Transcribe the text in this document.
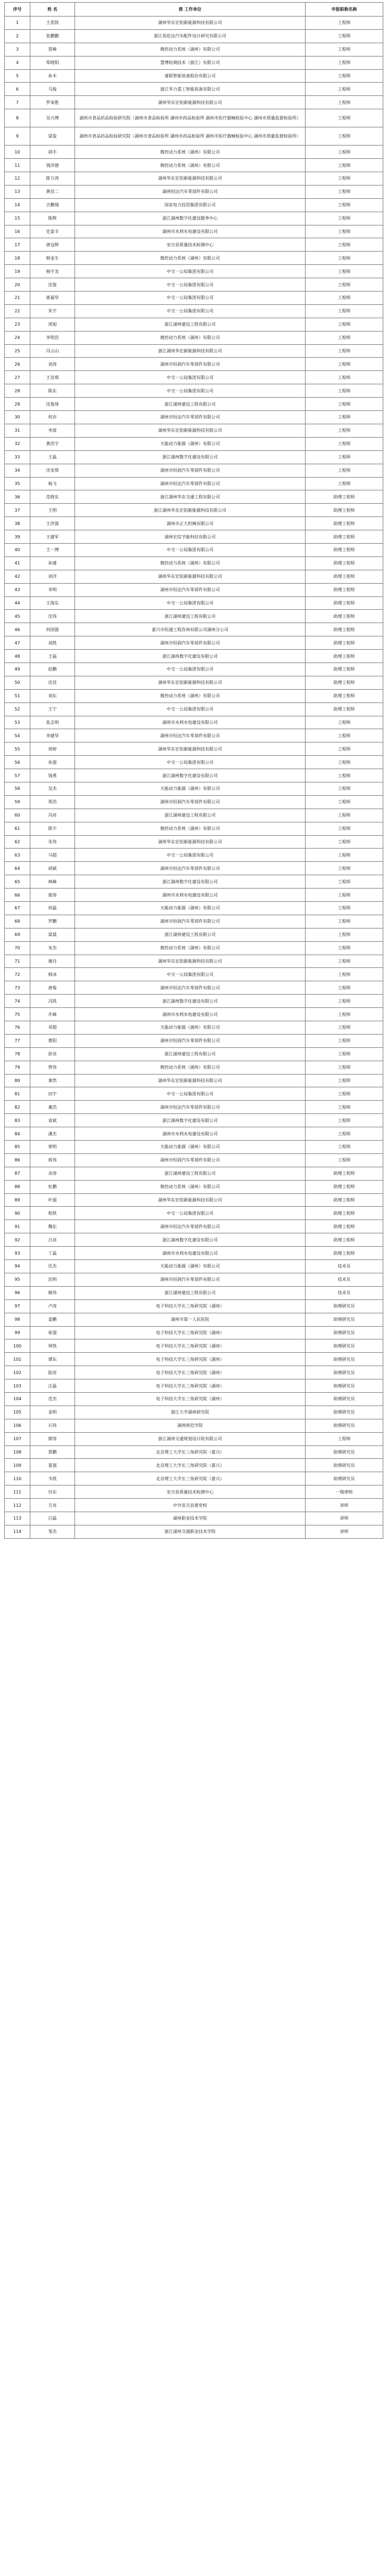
序号	姓 名	推 工作单位	申报职称名称
1	王思凯	湖州华东宏铝新能源科技有限公司	工程师
2	张鹏鹏	浙江英伦达汽车配件设计研究有限公司	工程师
3	贾峰	微控动力系统（湖州）有限公司	工程师
4	郑晓阳	慧博检测技术（浙江）有限公司	工程师
5	孙木	睿联智能装备股份有限公司	工程师
6	马俊	浙江华力重工智能装备有限公司	工程师
7	罗来胜	湖州华东宏铝新能源科技有限公司	工程师
8	吴兴博	湖州市食品药品检验研究院（湖州市食品检验所 湖州市药品检验所 湖州市医疗器械检验中心 湖州市质量监督检验所）	工程师
9	梁盈	湖州市食品药品检验研究院（湖州市食品检验所 湖州市药品检验所 湖州市医疗器械检验中心 湖州市质量监督检验所）	工程师
10	胡丰	微控动力系统（湖州）有限公司	工程师
11	钱洋德	微控动力系统（湖州）有限公司	工程师
12	陈万涛	湖州华东宏铝新能源科技有限公司	工程师
13	黄佳二	湖州恒达汽车零部件有限公司	工程师
14	吉鹏翔	国家电力投资集团有限公司	工程师
15	陈辉	浙江湖州数字化建设服务中心	工程师
16	史姜丰	湖州市水利水电建设有限公司	工程师
17	唐冠辉	安吉县质量技术检测中心	工程师
18	韩金生	微控动力系统（湖州）有限公司	工程师
19	杨宇龙	中交一公局集团有限公司	工程师
20	沈俊	中交一公局集团有限公司	工程师
21	郭福华	中交一公局集团有限公司	工程师
22	朱宇	中交一公局集团有限公司	工程师
23	周旭	浙江湖州建设工程有限公司	工程师
24	李明浩	微控动力系统（湖州）有限公司	工程师
25	冯云山	浙江湖州华宏新能源科技有限公司	工程师
26	刘涛	湖州市恒润汽车零部件有限公司	工程师
27	王佳琪	中交一公局集团有限公司	工程师
28	陈东	中交一公局集团有限公司	工程师
29	沈俊琦	浙江湖州建设工程有限公司	工程师
30	何亦	湖州市恒达汽车零部件有限公司	工程师
31	李波	湖州华东宏铝新能源科技有限公司	工程师
32	黄浩宇	天能动力能源（湖州）有限公司	工程师
33	王磊	浙江湖州数字化建设有限公司	工程师
34	沈安琪	湖州市恒润汽车零部件有限公司	工程师
35	杨飞	湖州市恒达汽车零部件有限公司	工程师
36	范晓东	浙江湖州华东交通工程有限公司	助理工程师
37	王明	浙江湖州华东宏铝新能源科技有限公司	助理工程师
38	王洪强	湖州市正大机械有限公司	助理工程师
39	王建军	湖州宏信节能科技有限公司	助理工程师
40	王一博	中交一公局集团有限公司	助理工程师
41	孙建	微控动力系统（湖州）有限公司	助理工程师
42	刘洋	湖州华东宏铝新能源科技有限公司	助理工程师
43	李明	湖州市恒达汽车零部件有限公司	助理工程师
44	王海东	中交一公局集团有限公司	助理工程师
45	沈伟	浙江湖州建设工程有限公司	助理工程师
46	何国强	嘉兴市恒通工程咨询有限公司湖州分公司	助理工程师
47	刘凯	湖州市恒润汽车零部件有限公司	助理工程师
48	王磊	浙江湖州数字化建设有限公司	助理工程师
49	赵鹏	中交一公局集团有限公司	助理工程师
50	沈佳	湖州华东宏铝新能源科技有限公司	助理工程师
51	刘东	微控动力系统（湖州）有限公司	助理工程师
52	王宁	中交一公局集团有限公司	助理工程师
53	张志明	湖州市水利水电建设有限公司	工程师
54	李建华	湖州市恒达汽车零部件有限公司	工程师
55	周婷	湖州华东宏铝新能源科技有限公司	工程师
56	孙强	中交一公局集团有限公司	工程师
57	钱勇	浙江湖州数字化建设有限公司	工程师
58	吴杰	天能动力能源（湖州）有限公司	工程师
59	郑浩	湖州市恒润汽车零部件有限公司	工程师
60	冯亮	浙江湖州建设工程有限公司	工程师
61	陈宇	微控动力系统（湖州）有限公司	工程师
62	朱伟	湖州华东宏铝新能源科技有限公司	工程师
63	马超	中交一公局集团有限公司	工程师
64	胡斌	湖州市恒达汽车零部件有限公司	工程师
65	林峰	浙江湖州数字化建设有限公司	工程师
66	郭涛	湖州市水利水电建设有限公司	工程师
67	何磊	天能动力能源（湖州）有限公司	工程师
68	罗鹏	湖州市恒润汽车零部件有限公司	工程师
69	梁晨	浙江湖州建设工程有限公司	工程师
70	宋杰	微控动力系统（湖州）有限公司	工程师
71	谢丹	湖州华东宏铝新能源科技有限公司	工程师
72	韩冰	中交一公局集团有限公司	工程师
73	唐俊	湖州市恒达汽车零部件有限公司	工程师
74	冯凯	浙江湖州数字化建设有限公司	工程师
75	许峰	湖州市水利水电建设有限公司	工程师
76	邓超	天能动力能源（湖州）有限公司	工程师
77	曹阳	湖州市恒润汽车零部件有限公司	工程师
78	彭亮	浙江湖州建设工程有限公司	工程师
79	曾伟	微控动力系统（湖州）有限公司	工程师
80	萧然	湖州华东宏铝新能源科技有限公司	工程师
81	田宇	中交一公局集团有限公司	工程师
82	董浩	湖州市恒达汽车零部件有限公司	工程师
83	袁斌	浙江湖州数字化建设有限公司	工程师
84	潘杰	湖州市水利水电建设有限公司	工程师
85	蔡明	天能动力能源（湖州）有限公司	工程师
86	蒋伟	湖州市恒润汽车零部件有限公司	工程师
87	余涛	浙江湖州建设工程有限公司	助理工程师
88	杜鹏	微控动力系统（湖州）有限公司	助理工程师
89	叶强	湖州华东宏铝新能源科技有限公司	助理工程师
90	程凯	中交一公局集团有限公司	助理工程师
91	魏东	湖州市恒达汽车零部件有限公司	助理工程师
92	吕亮	浙江湖州数字化建设有限公司	助理工程师
93	丁磊	湖州市水利水电建设有限公司	助理工程师
94	任杰	天能动力能源（湖州）有限公司	技术员
95	沈明	湖州市恒润汽车零部件有限公司	技术员
96	姚伟	浙江湖州建设工程有限公司	技术员
97	卢涛	电子科技大学长三角研究院（湖州）	助理研究员
98	姜鹏	湖州市第一人民医院	助理研究员
99	崔强	电子科技大学长三角研究院（湖州）	助理研究员
100	钟凯	电子科技大学长三角研究院（湖州）	助理研究员
101	谭东	电子科技大学长三角研究院（湖州）	助理研究员
102	陆亮	电子科技大学长三角研究院（湖州）	助理研究员
103	汪磊	电子科技大学长三角研究院（湖州）	助理研究员
104	范杰	电子科技大学长三角研究院（湖州）	助理研究员
105	金明	浙江大学湖州研究院	助理研究员
106	石伟	湖州师范学院	助理研究员
107	廖涛	浙江湖州交通规划设计院有限公司	工程师
108	贾鹏	北京理工大学长三角研究院（嘉兴）	助理研究员
109	夏强	北京理工大学长三角研究院（嘉兴）	助理研究员
110	韦凯	北京理工大学长三角研究院（嘉兴）	助理研究员
111	付东	安吉县质量技术检测中心	一级律师
112	方亮	中共安吉县委党校	讲师
113	白磊	湖州职业技术学院	讲师
114	邹杰	浙江湖州交通职业技术学院	讲师
